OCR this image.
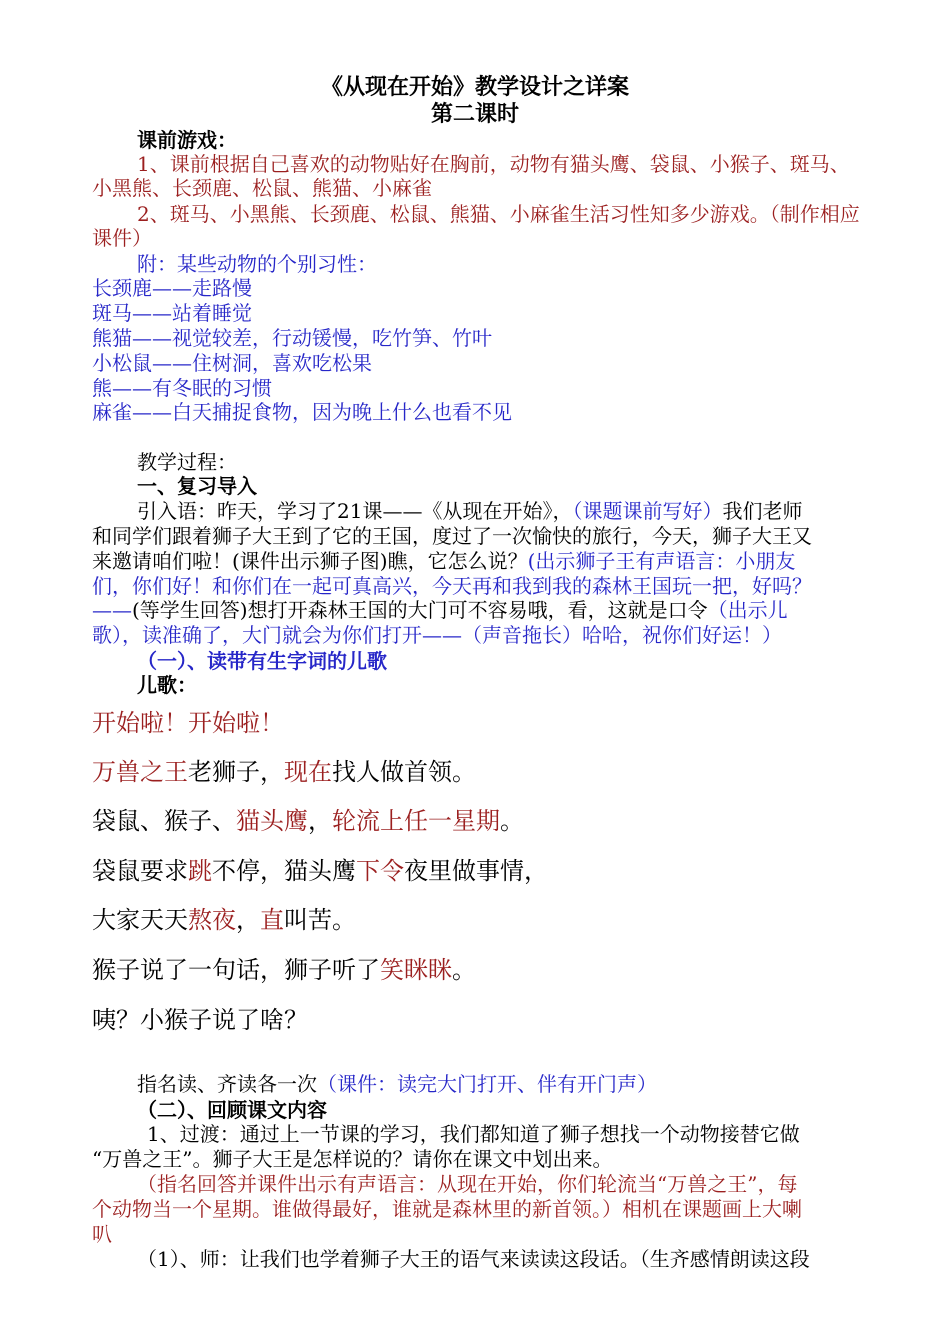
《从现在开始》教学设计之详案
第二课时
课前游戏：
1、课前根据自己喜欢的动物贴好在胸前，动物有猫头鹰、袋鼠、小猴子、斑马、
小黑熊、长颈鹿、松鼠、熊猫、小麻雀
2、斑马、小黑熊、长颈鹿、松鼠、熊猫、小麻雀生活习性知多少游戏。（制作相应
课件）
附：某些动物的个别习性：
长颈鹿——走路慢
斑马——站着睡觉
熊猫——视觉较差，行动锾慢，吃竹笋、竹叶
小松鼠——住树洞，喜欢吃松果
熊——有冬眠的习惯
麻雀——白天捕捉食物，因为晚上什么也看不见
教学过程：
一、复习导入
引入语：昨天，学习了21课——《从现在开始》，（课题课前写好）我们老师
和同学们跟着狮子大王到了它的王国，度过了一次愉快的旅行，今天，狮子大王又
来邀请咱们啦！(课件出示狮子图)瞧，它怎么说？(出示狮子王有声语言：小朋友
们，你们好！和你们在一起可真高兴，今天再和我到我的森林王国玩一把，好吗？
——(等学生回答)想打开森林王国的大门可不容易哦，看，这就是口令（出示儿
歌），读准确了，大门就会为你们打开——（声音拖长）哈哈，祝你们好运！）
（一）、读带有生字词的儿歌
儿歌：
开始啦！开始啦！
万兽之王老狮子，现在找人做首领。
袋鼠、猴子、猫头鹰，轮流上任一星期。
袋鼠要求跳不停，猫头鹰下令夜里做事情，
大家天天熬夜，直叫苦。
猴子说了一句话，狮子听了笑眯眯。
咦？小猴子说了啥？
指名读、齐读各一次（课件：读完大门打开、伴有开门声）
（二）、回顾课文内容
1、过渡：通过上一节课的学习，我们都知道了狮子想找一个动物接替它做
“万兽之王”。狮子大王是怎样说的？请你在课文中划出来。
（指名回答并课件出示有声语言：从现在开始，你们轮流当“万兽之王”，每
个动物当一个星期。谁做得最好，谁就是森林里的新首领。）相机在课题画上大喇
叭
（1）、师：让我们也学着狮子大王的语气来读读这段话。（生齐感情朗读这段
